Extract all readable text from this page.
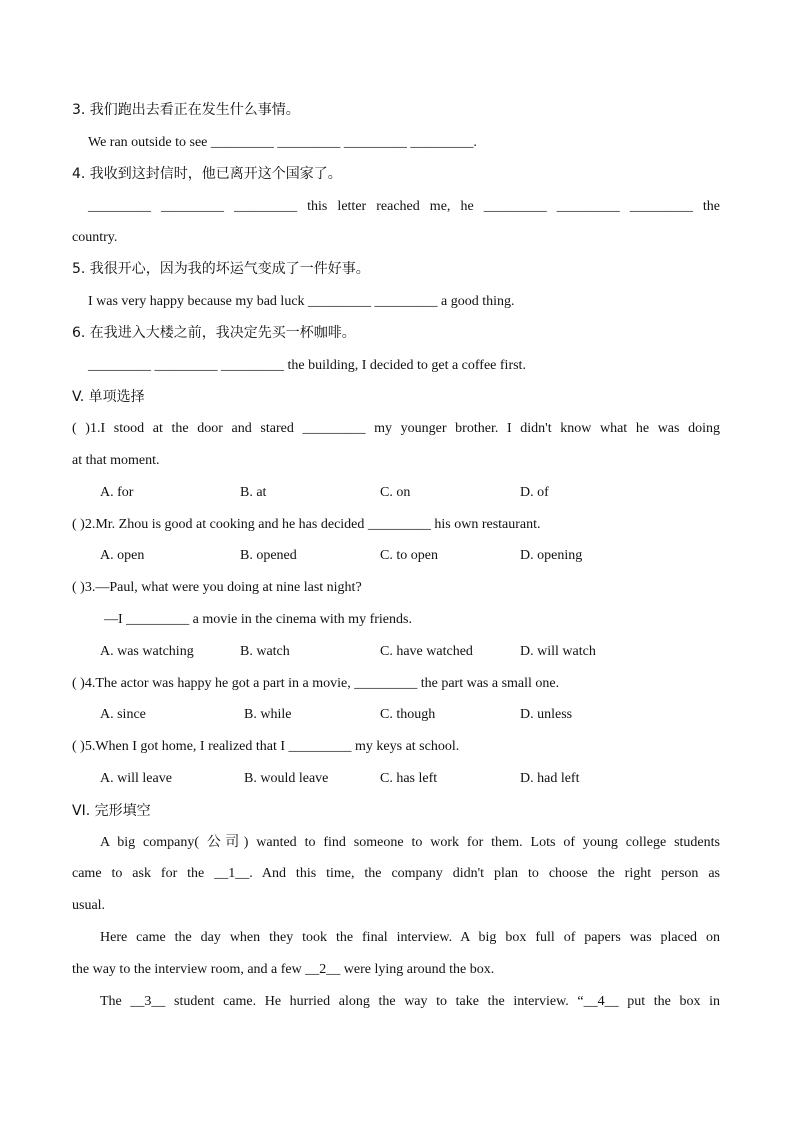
3. 我们跑出去看正在发生什么事情。
We ran outside to see _________ _________ _________ _________.
4. 我收到这封信时，他已离开这个国家了。
_________ _________ _________ this letter reached me, he _________ _________ _________ the
country.
5. 我很开心，因为我的坏运气变成了一件好事。
I was very happy because my bad luck _________ _________ a good thing.
6. 在我进入大楼之前，我决定先买一杯咖啡。
_________ _________ _________ the building, I decided to get a coffee first.
V. 单项选择
( )1.I stood at the door and stared _________ my younger brother. I didn't know what he was doing
at that moment.
A. for	B. at	C. on	D. of
( )2.Mr. Zhou is good at cooking and he has decided _________ his own restaurant.
A. open	B. opened	C. to open	D. opening
( )3.—Paul, what were you doing at nine last night?
—I _________ a movie in the cinema with my friends.
A. was watching	B. watch	C. have watched	D. will watch
( )4.The actor was happy he got a part in a movie, _________ the part was a small one.
A. since	B. while	C. though	D. unless
( )5.When I got home, I realized that I _________ my keys at school.
A. will leave	B. would leave	C. has left	D. had left
VI. 完形填空
A big company( 公司) wanted to find someone to work for them. Lots of young college students
came to ask for the __1__. And this time, the company didn't plan to choose the right person as
usual.
Here came the day when they took the final interview. A big box full of papers was placed on
the way to the interview room, and a few __2__ were lying around the box.
The __3__ student came. He hurried along the way to take the interview. “__4__ put the box in
